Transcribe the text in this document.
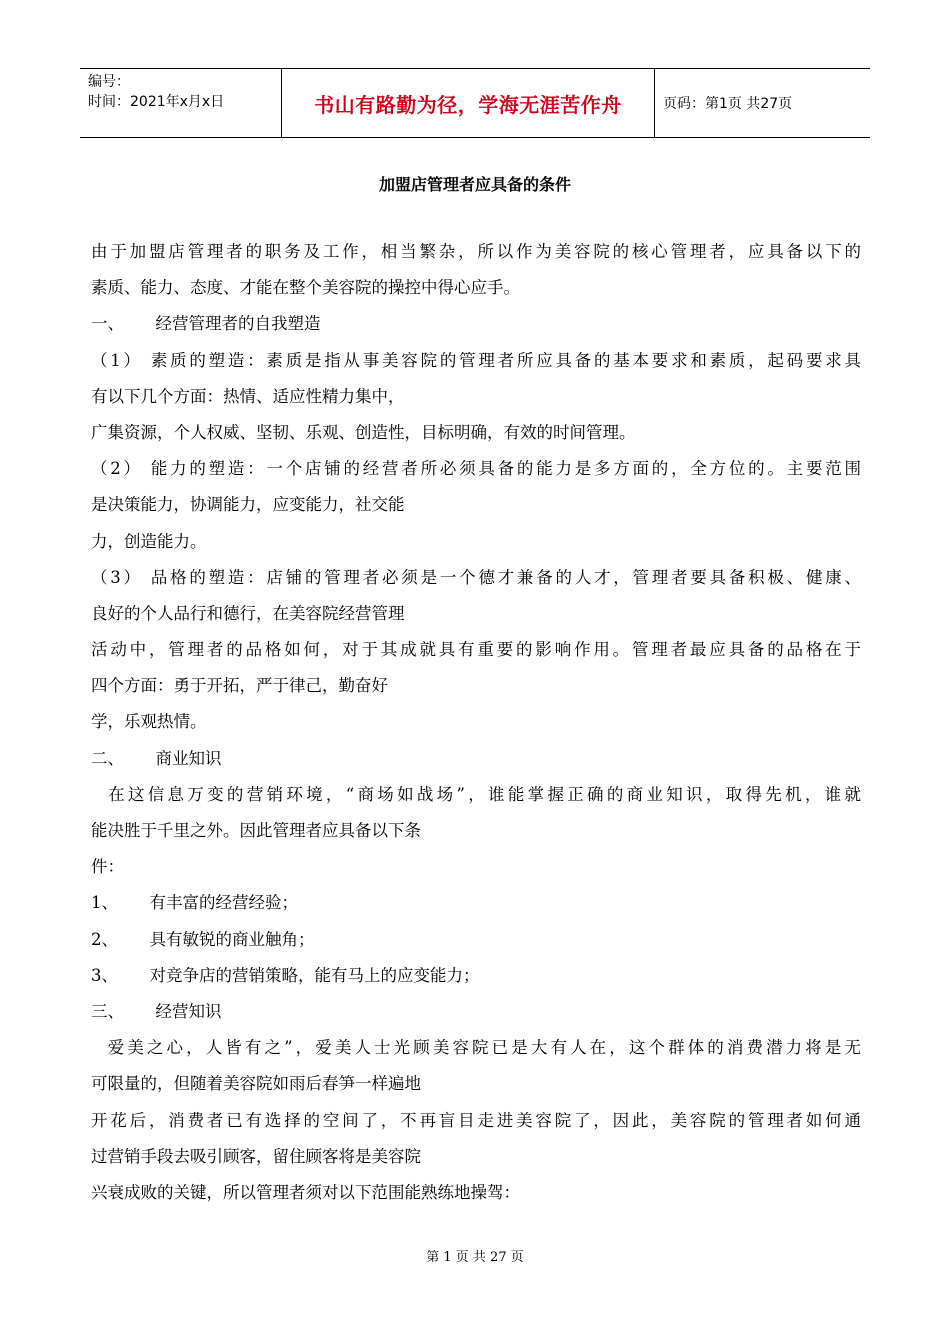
编号：
时间：2021年x月x日	书山有路勤为径，学海无涯苦作舟	页码：第1页 共27页
加盟店管理者应具备的条件
由于加盟店管理者的职务及工作，相当繁杂，所以作为美容院的核心管理者，应具备以下的
素质、能力、态度、才能在整个美容院的操控中得心应手。
一、      经营管理者的自我塑造
（1） 素质的塑造：素质是指从事美容院的管理者所应具备的基本要求和素质，起码要求具
有以下几个方面：热情、适应性精力集中，
广集资源，个人权威、坚韧、乐观、创造性，目标明确，有效的时间管理。
（2） 能力的塑造：一个店铺的经营者所必须具备的能力是多方面的，全方位的。主要范围
是决策能力，协调能力，应变能力，社交能
力，创造能力。
（3） 品格的塑造：店铺的管理者必须是一个德才兼备的人才，管理者要具备积极、健康、
良好的个人品行和德行，在美容院经营管理
活动中，管理者的品格如何，对于其成就具有重要的影响作用。管理者最应具备的品格在于
四个方面：勇于开拓，严于律己，勤奋好
学，乐观热情。
二、      商业知识
在这信息万变的营销环境，“商场如战场”，谁能掌握正确的商业知识，取得先机，谁就
能决胜于千里之外。因此管理者应具备以下条
件：
1、      有丰富的经营经验；
2、      具有敏锐的商业触角；
3、      对竞争店的营销策略，能有马上的应变能力；
三、      经营知识
爱美之心，人皆有之”，爱美人士光顾美容院已是大有人在，这个群体的消费潜力将是无
可限量的，但随着美容院如雨后春笋一样遍地
开花后，消费者已有选择的空间了，不再盲目走进美容院了，因此，美容院的管理者如何通
过营销手段去吸引顾客，留住顾客将是美容院
兴衰成败的关键，所以管理者须对以下范围能熟练地操驾：
第 1 页 共 27 页
